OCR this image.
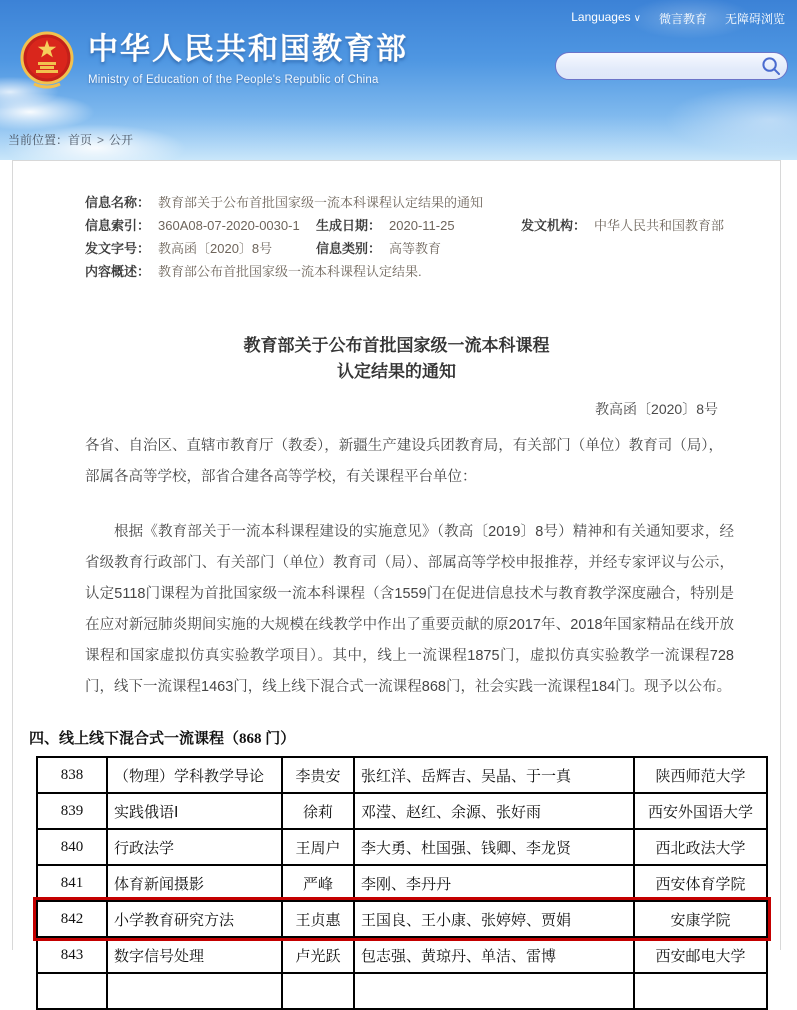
Languages ∨ 微言教育 无障碍浏览
中华人民共和国教育部
Ministry of Education of the People's Republic of China
当前位置：首页 > 公开
信息名称： 教育部关于公布首批国家级一流本科课程认定结果的通知
信息索引： 360A08-07-2020-0030-1	生成日期： 2020-11-25	发文机构： 中华人民共和国教育部
发文字号： 教高函〔2020〕8号	信息类别： 高等教育
内容概述： 教育部公布首批国家级一流本科课程认定结果.
教育部关于公布首批国家级一流本科课程
认定结果的通知
教高函〔2020〕8号

各省、自治区、直辖市教育厅（教委），新疆生产建设兵团教育局，有关部门（单位）教育司（局），部属各高等学校，部省合建各高等学校，有关课程平台单位：

根据《教育部关于一流本科课程建设的实施意见》（教高〔2019〕8号）精神和有关通知要求，经省级教育行政部门、有关部门（单位）教育司（局）、部属高等学校申报推荐，并经专家评议与公示，认定5118门课程为首批国家级一流本科课程（含1559门在促进信息技术与教育教学深度融合，特别是在应对新冠肺炎期间实施的大规模在线教学中作出了重要贡献的原2017年、2018年国家精品在线开放课程和国家虚拟仿真实验教学项目）。其中，线上一流课程1875门，虚拟仿真实验教学一流课程728门，线下一流课程1463门，线上线下混合式一流课程868门，社会实践一流课程184门。现予以公布。

四、线上线下混合式一流课程（868 门）
838	（物理）学科教学导论	李贵安	张红洋、岳辉吉、吴晶、于一真	陕西师范大学
839	实践俄语Ⅰ	徐莉	邓滢、赵红、余源、张好雨	西安外国语大学
840	行政法学	王周户	李大勇、杜国强、钱卿、李龙贤	西北政法大学
841	体育新闻摄影	严峰	李刚、李丹丹	西安体育学院
842	小学教育研究方法	王贞惠	王国良、王小康、张婷婷、贾娟	安康学院
843	数字信号处理	卢光跃	包志强、黄琼丹、单洁、雷博	西安邮电大学
